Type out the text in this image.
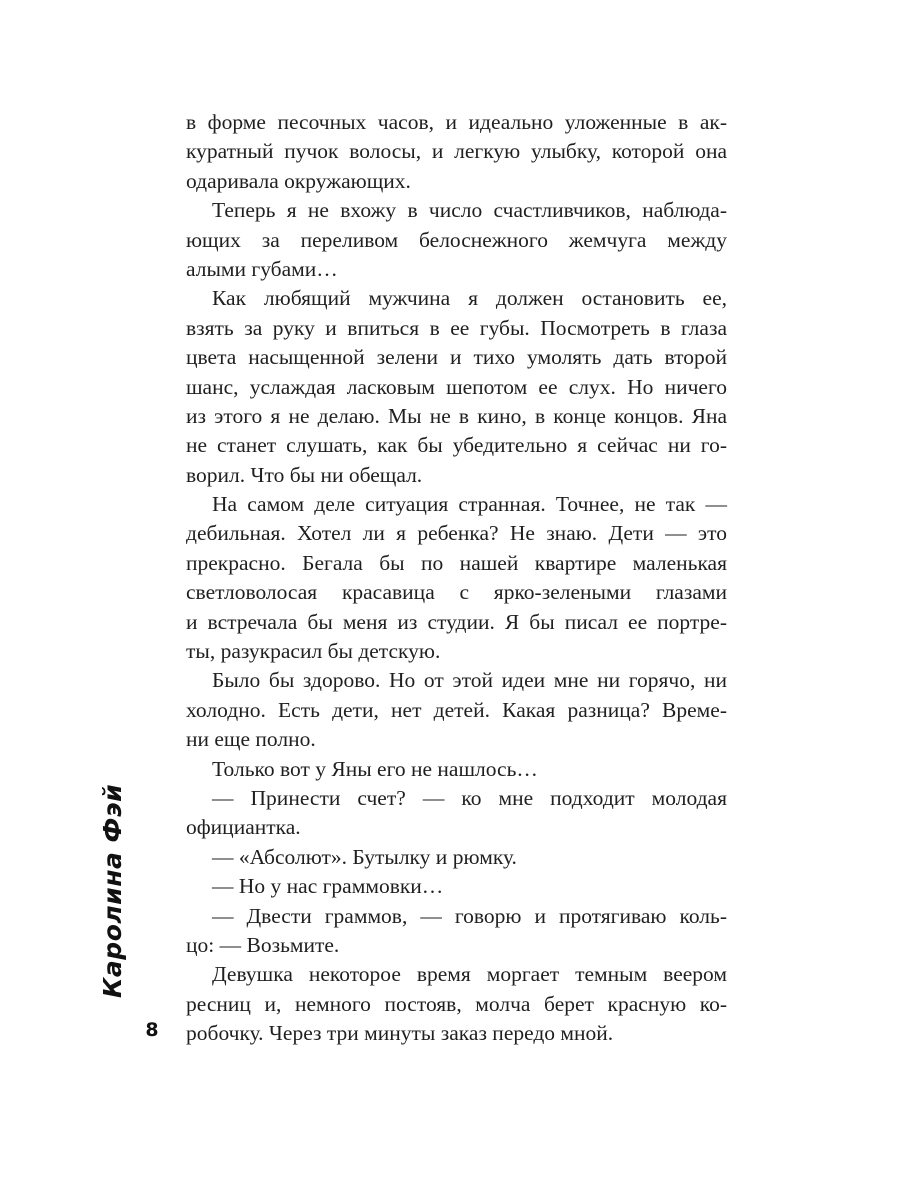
в форме песочных часов, и идеально уложенные в ак-
куратный пучок волосы, и легкую улыбку, которой она
одаривала окружающих.
Теперь я не вхожу в число счастливчиков, наблюда-
ющих за переливом белоснежного жемчуга между
алыми губами…
Как любящий мужчина я должен остановить ее,
взять за руку и впиться в ее губы. Посмотреть в глаза
цвета насыщенной зелени и тихо умолять дать второй
шанс, услаждая ласковым шепотом ее слух. Но ничего
из этого я не делаю. Мы не в кино, в конце концов. Яна
не станет слушать, как бы убедительно я сейчас ни го-
ворил. Что бы ни обещал.
На самом деле ситуация странная. Точнее, не так —
дебильная. Хотел ли я ребенка? Не знаю. Дети — это
прекрасно. Бегала бы по нашей квартире маленькая
светловолосая красавица с ярко-зелеными глазами
и встречала бы меня из студии. Я бы писал ее портре-
ты, разукрасил бы детскую.
Было бы здорово. Но от этой идеи мне ни горячо, ни
холодно. Есть дети, нет детей. Какая разница? Време-
ни еще полно.
Только вот у Яны его не нашлось…
— Принести счет? — ко мне подходит молодая
официантка.
— «Абсолют». Бутылку и рюмку.
— Но у нас граммовки…
— Двести граммов, — говорю и протягиваю коль-
цо: — Возьмите.
Девушка некоторое время моргает темным веером
ресниц и, немного постояв, молча берет красную ко-
робочку. Через три минуты заказ передо мной.
Каролина Фэй
8
